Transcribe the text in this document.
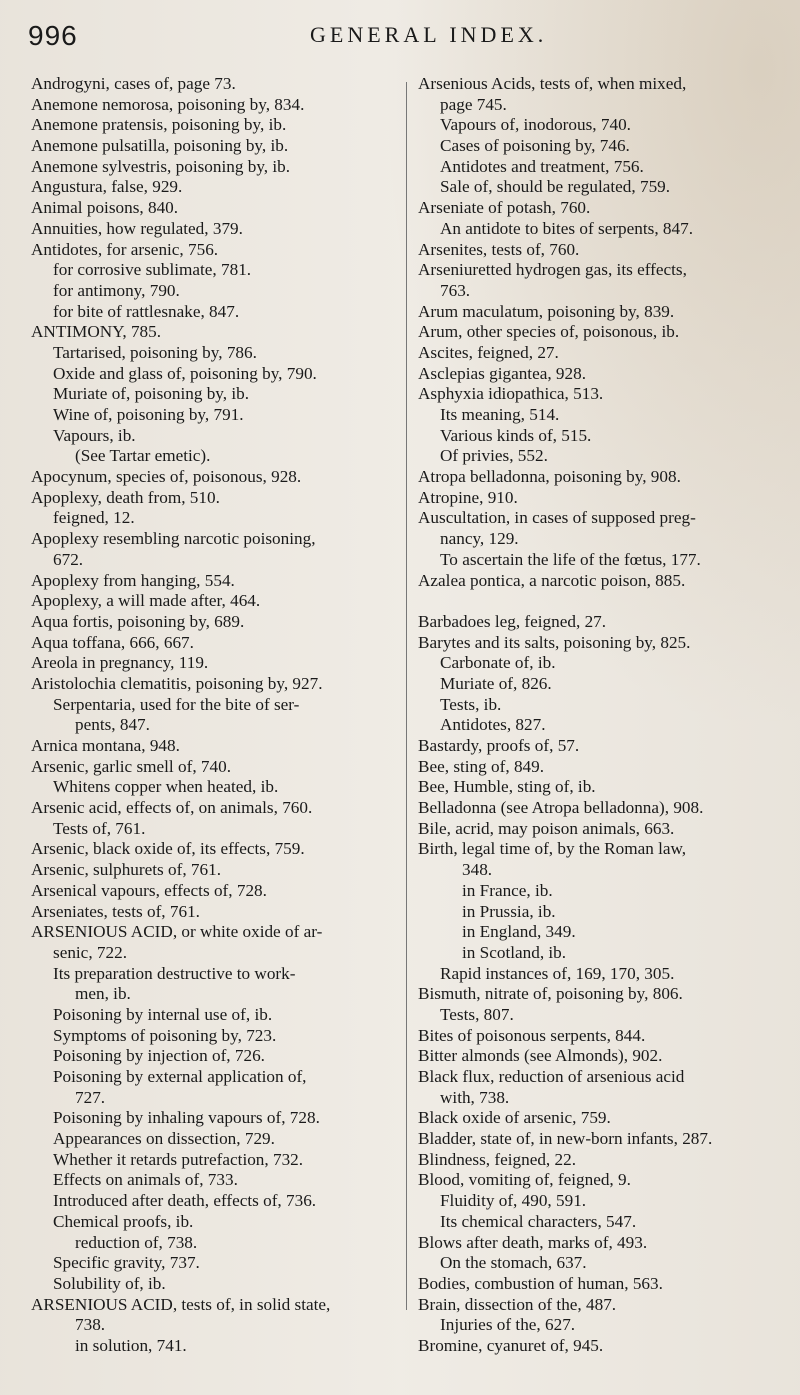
996	GENERAL INDEX.
Androgyni, cases of, page 73.
Anemone nemorosa, poisoning by, 834.
Anemone pratensis, poisoning by, ib.
Anemone pulsatilla, poisoning by, ib.
Anemone sylvestris, poisoning by, ib.
Angustura, false, 929.
Animal poisons, 840.
Annuities, how regulated, 379.
Antidotes, for arsenic, 756.
for corrosive sublimate, 781.
for antimony, 790.
for bite of rattlesnake, 847.
ANTIMONY, 785.
Tartarised, poisoning by, 786.
Oxide and glass of, poisoning by, 790.
Muriate of, poisoning by, ib.
Wine of, poisoning by, 791.
Vapours, ib.
(See Tartar emetic).
Apocynum, species of, poisonous, 928.
Apoplexy, death from, 510.
feigned, 12.
Apoplexy resembling narcotic poisoning,
672.
Apoplexy from hanging, 554.
Apoplexy, a will made after, 464.
Aqua fortis, poisoning by, 689.
Aqua toffana, 666, 667.
Areola in pregnancy, 119.
Aristolochia clematitis, poisoning by, 927.
Serpentaria, used for the bite of ser-
pents, 847.
Arnica montana, 948.
Arsenic, garlic smell of, 740.
Whitens copper when heated, ib.
Arsenic acid, effects of, on animals, 760.
Tests of, 761.
Arsenic, black oxide of, its effects, 759.
Arsenic, sulphurets of, 761.
Arsenical vapours, effects of, 728.
Arseniates, tests of, 761.
ARSENIOUS ACID, or white oxide of ar-
senic, 722.
Its preparation destructive to work-
men, ib.
Poisoning by internal use of, ib.
Symptoms of poisoning by, 723.
Poisoning by injection of, 726.
Poisoning by external application of,
727.
Poisoning by inhaling vapours of, 728.
Appearances on dissection, 729.
Whether it retards putrefaction, 732.
Effects on animals of, 733.
Introduced after death, effects of, 736.
Chemical proofs, ib.
reduction of, 738.
Specific gravity, 737.
Solubility of, ib.
ARSENIOUS ACID, tests of, in solid state,
738.
in solution, 741.
Arsenious Acids, tests of, when mixed,
page 745.
Vapours of, inodorous, 740.
Cases of poisoning by, 746.
Antidotes and treatment, 756.
Sale of, should be regulated, 759.
Arseniate of potash, 760.
An antidote to bites of serpents, 847.
Arsenites, tests of, 760.
Arseniuretted hydrogen gas, its effects,
763.
Arum maculatum, poisoning by, 839.
Arum, other species of, poisonous, ib.
Ascites, feigned, 27.
Asclepias gigantea, 928.
Asphyxia idiopathica, 513.
Its meaning, 514.
Various kinds of, 515.
Of privies, 552.
Atropa belladonna, poisoning by, 908.
Atropine, 910.
Auscultation, in cases of supposed preg-
nancy, 129.
To ascertain the life of the fœtus, 177.
Azalea pontica, a narcotic poison, 885.
Barbadoes leg, feigned, 27.
Barytes and its salts, poisoning by, 825.
Carbonate of, ib.
Muriate of, 826.
Tests, ib.
Antidotes, 827.
Bastardy, proofs of, 57.
Bee, sting of, 849.
Bee, Humble, sting of, ib.
Belladonna (see Atropa belladonna), 908.
Bile, acrid, may poison animals, 663.
Birth, legal time of, by the Roman law,
348.
in France, ib.
in Prussia, ib.
in England, 349.
in Scotland, ib.
Rapid instances of, 169, 170, 305.
Bismuth, nitrate of, poisoning by, 806.
Tests, 807.
Bites of poisonous serpents, 844.
Bitter almonds (see Almonds), 902.
Black flux, reduction of arsenious acid
with, 738.
Black oxide of arsenic, 759.
Bladder, state of, in new-born infants, 287.
Blindness, feigned, 22.
Blood, vomiting of, feigned, 9.
Fluidity of, 490, 591.
Its chemical characters, 547.
Blows after death, marks of, 493.
On the stomach, 637.
Bodies, combustion of human, 563.
Brain, dissection of the, 487.
Injuries of the, 627.
Bromine, cyanuret of, 945.
